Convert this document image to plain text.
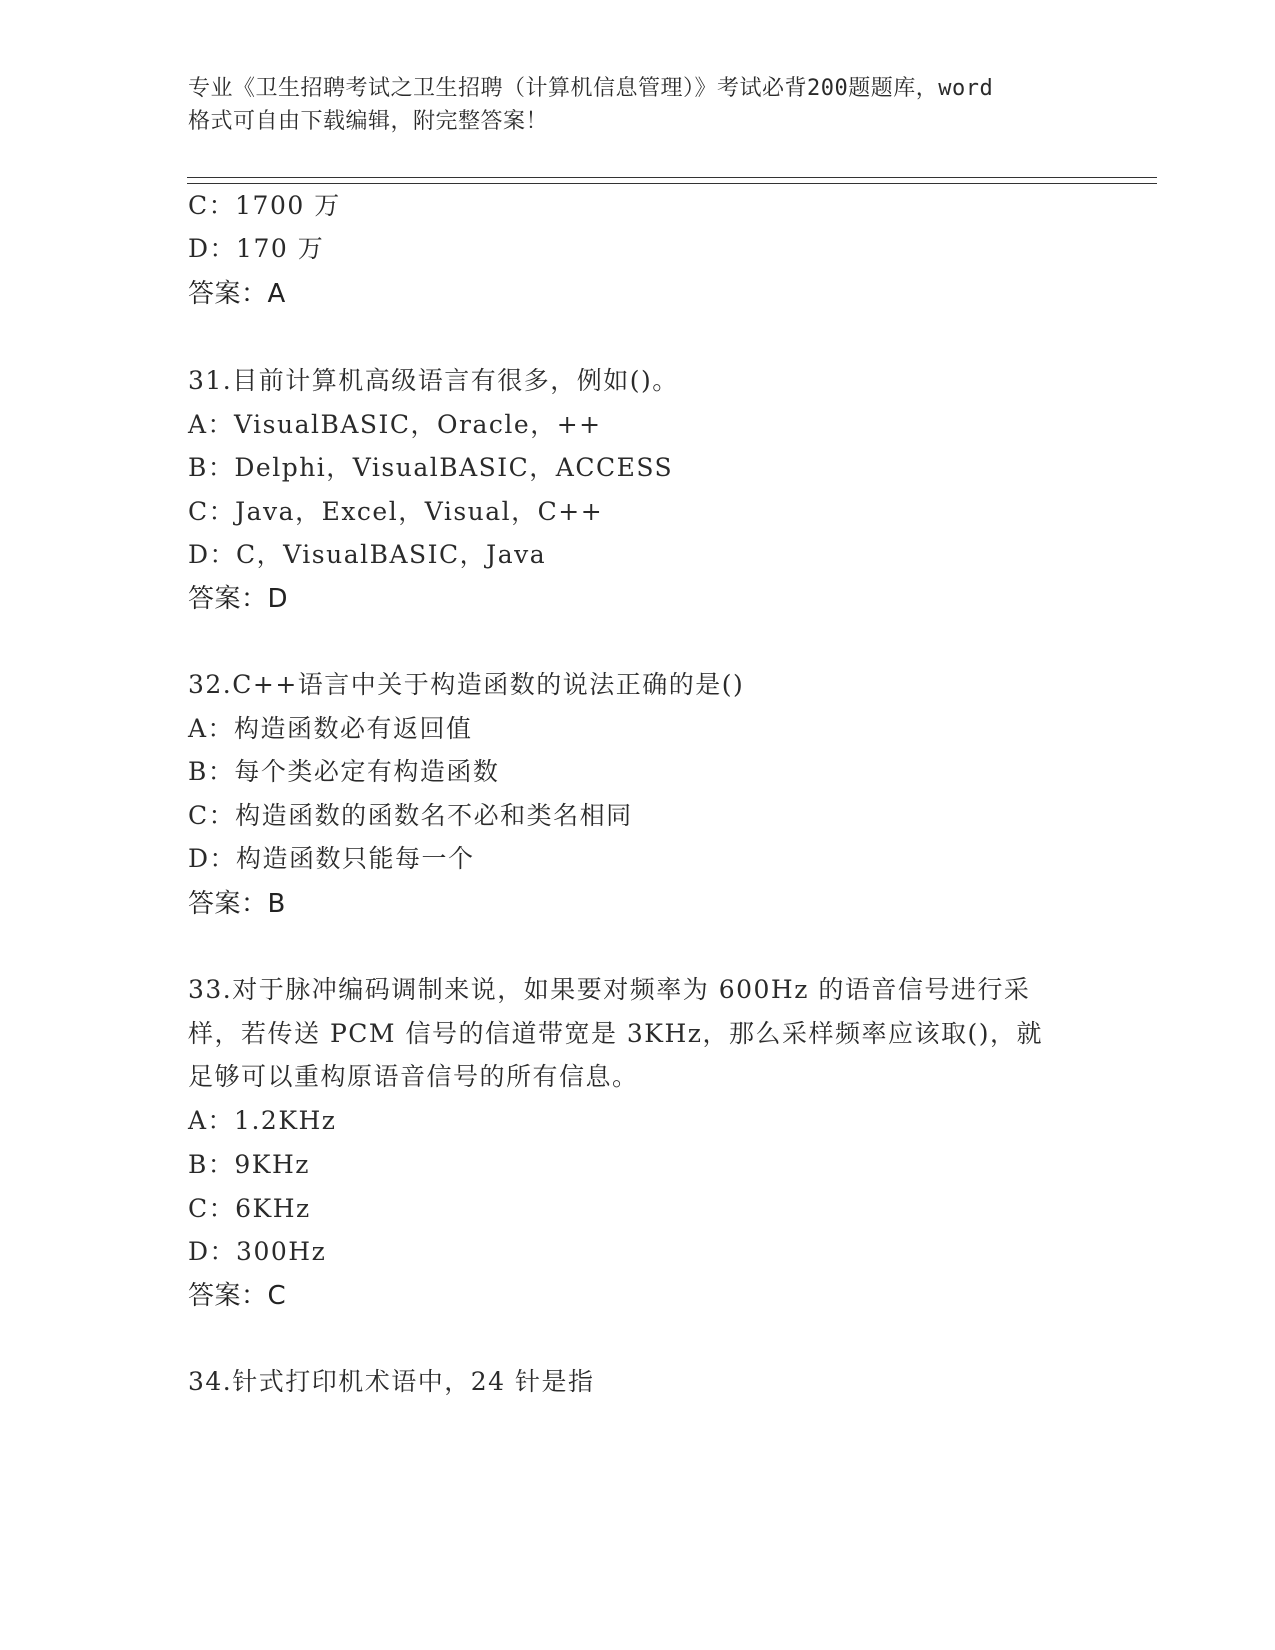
专业《卫生招聘考试之卫生招聘（计算机信息管理）》考试必背200题题库，word
格式可自由下载编辑，附完整答案！
C：1700 万
D：170 万
答案：A
31.目前计算机高级语言有很多，例如()。
A：VisualBASIC，Oracle，++
B：Delphi，VisualBASIC，ACCESS
C：Java，Excel，Visual，C++
D：C，VisualBASIC，Java
答案：D
32.C++语言中关于构造函数的说法正确的是()
A：构造函数必有返回值
B：每个类必定有构造函数
C：构造函数的函数名不必和类名相同
D：构造函数只能每一个
答案：B
33.对于脉冲编码调制来说，如果要对频率为 600Hz 的语音信号进行采
样，若传送 PCM 信号的信道带宽是 3KHz，那么采样频率应该取()，就
足够可以重构原语音信号的所有信息。
A：1.2KHz
B：9KHz
C：6KHz
D：300Hz
答案：C
34.针式打印机术语中，24 针是指
